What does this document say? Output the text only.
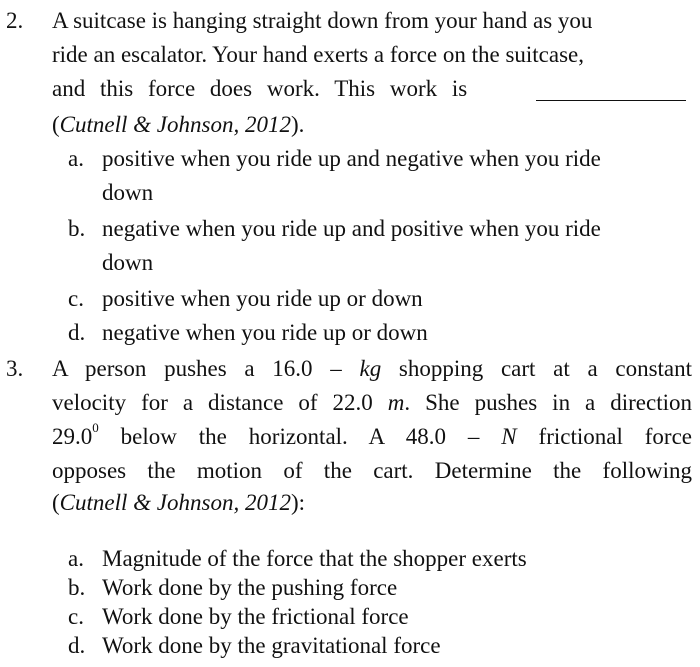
2. A suitcase is hanging straight down from your hand as you
ride an escalator. Your hand exerts a force on the suitcase,
and this force does work. This work is
(Cutnell & Johnson, 2012).
a. positive when you ride up and negative when you ride
down
b. negative when you ride up and positive when you ride
down
c. positive when you ride up or down
d. negative when you ride up or down
3. A person pushes a 16.0 – kg shopping cart at a constant
velocity for a distance of 22.0 m. She pushes in a direction
29.0$^0$ below the horizontal. A 48.0 – N frictional force
opposes the motion of the cart. Determine the following
(Cutnell & Johnson, 2012):
a. Magnitude of the force that the shopper exerts
b. Work done by the pushing force
c. Work done by the frictional force
d. Work done by the gravitational force
